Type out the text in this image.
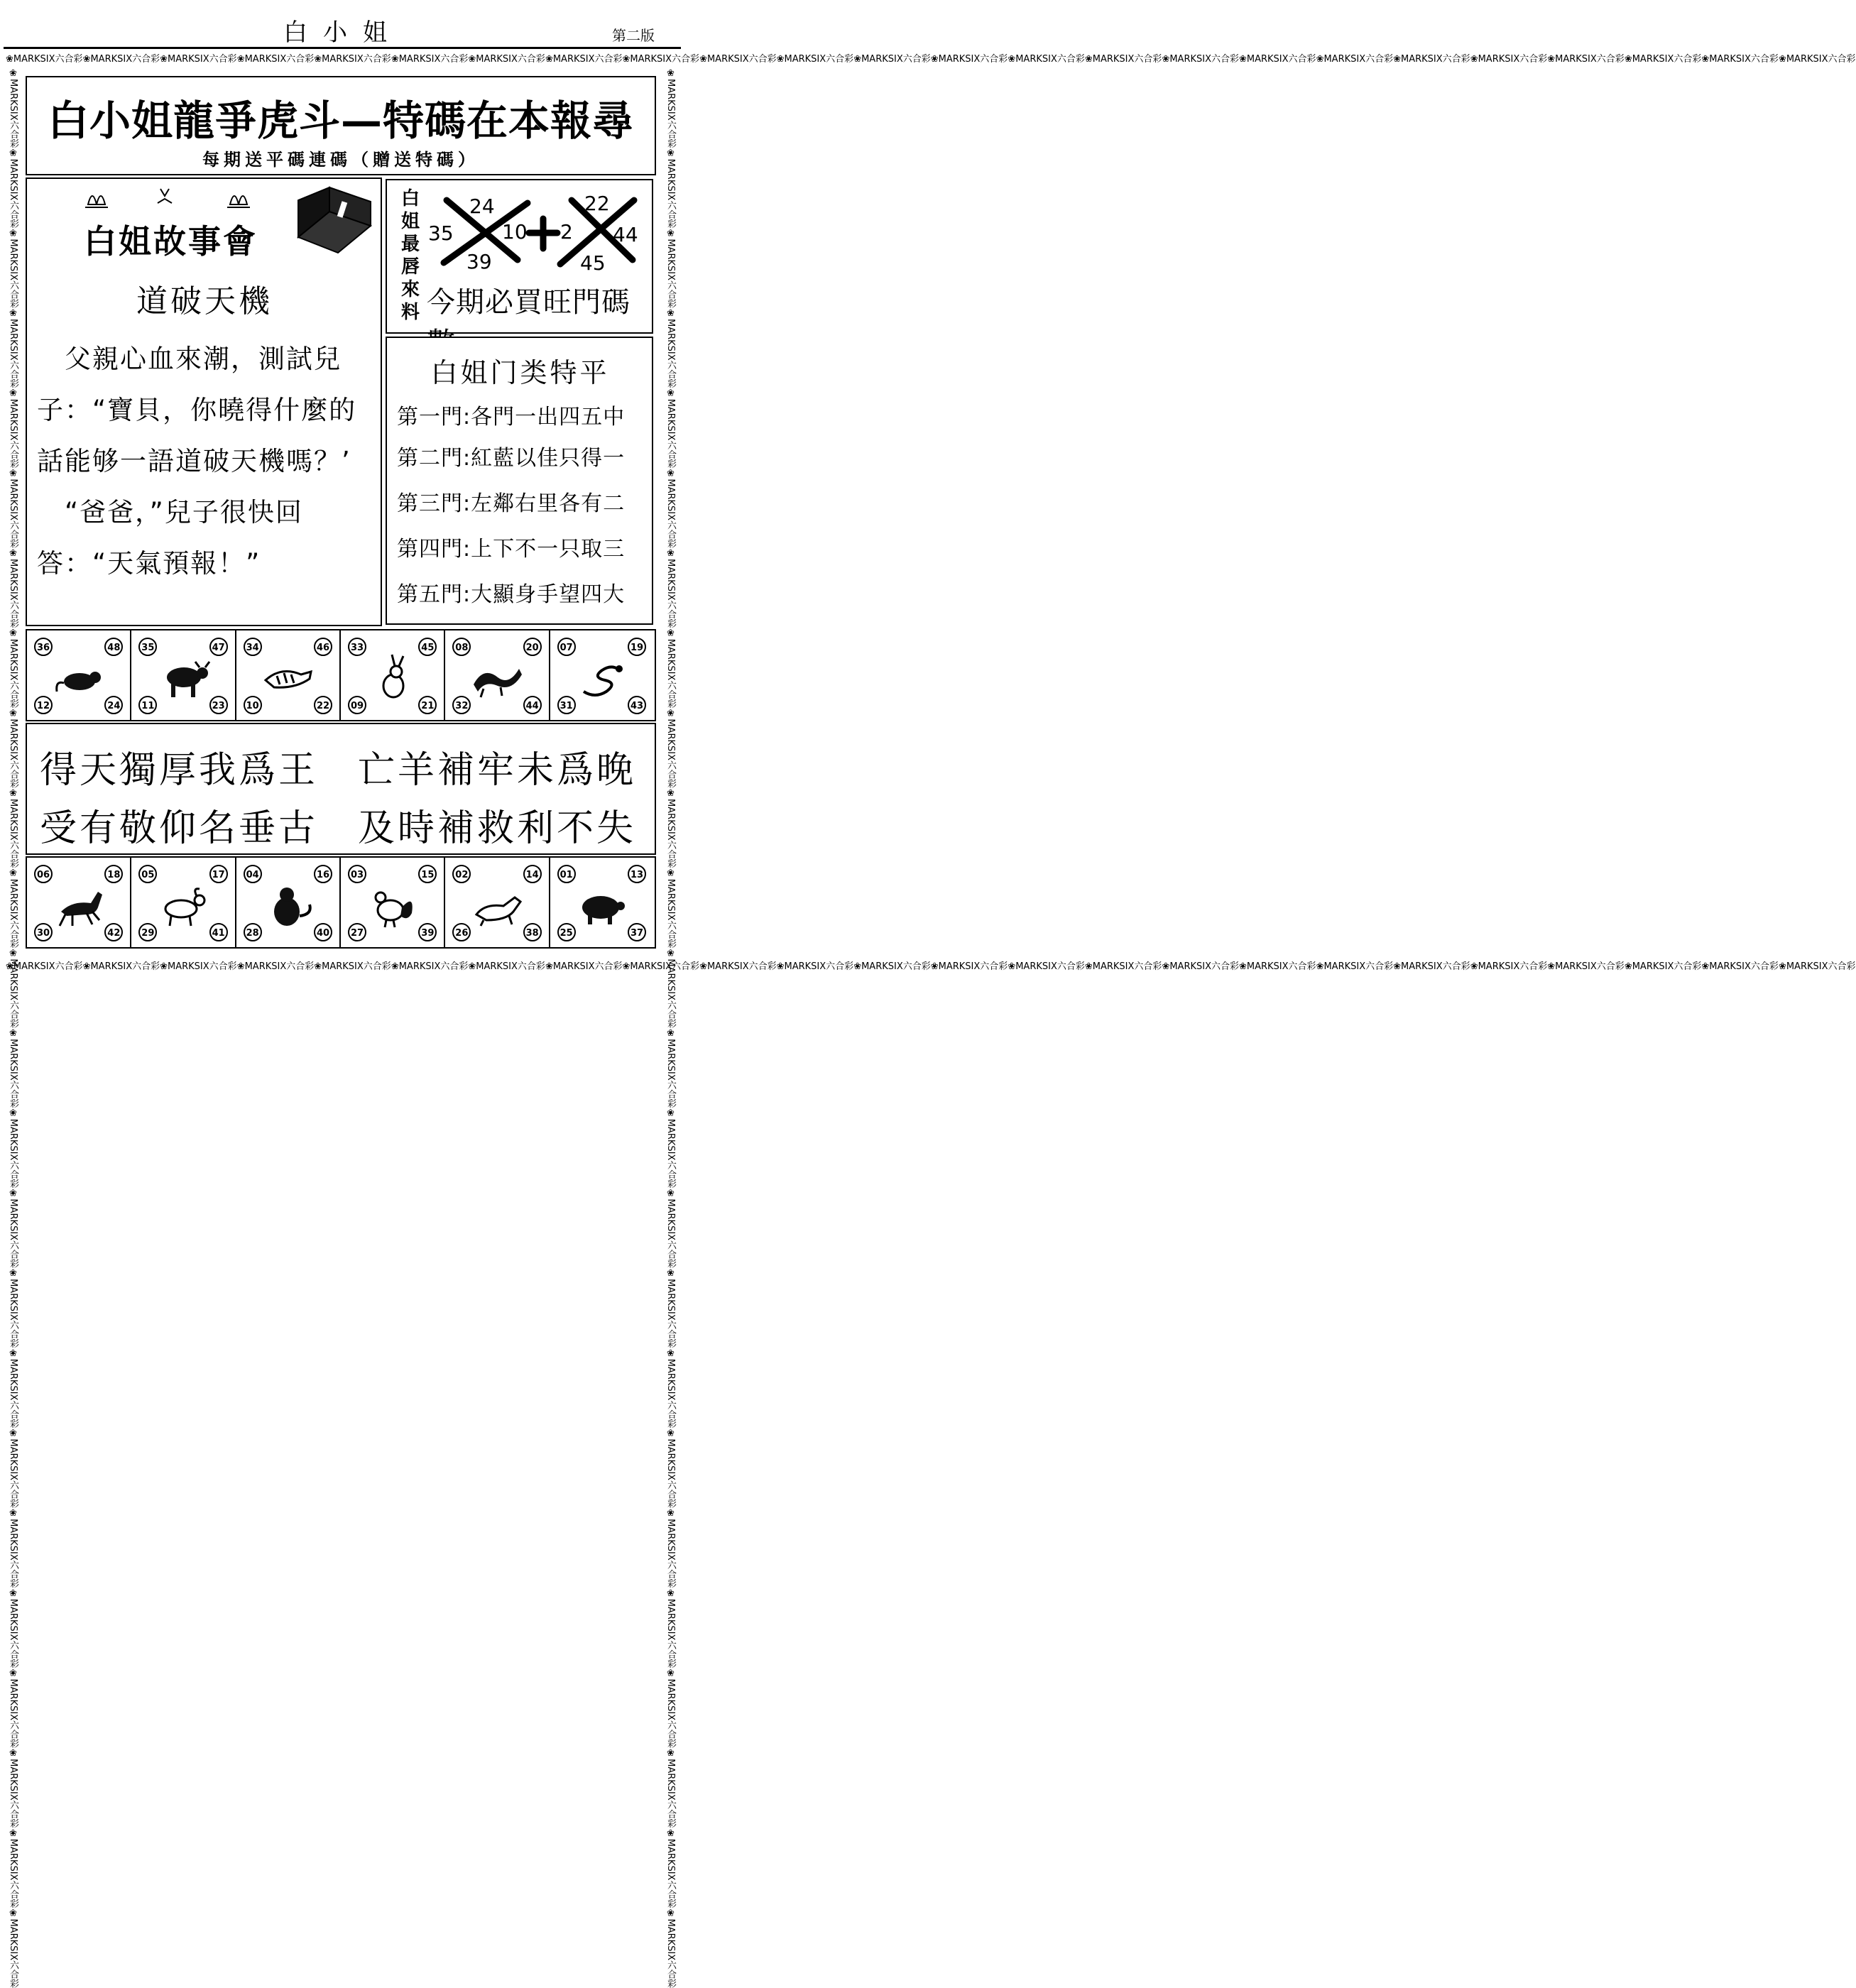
白小姐	第二版
❀MARKSIX六合彩❀MARKSIX六合彩❀MARKSIX六合彩❀MARKSIX六合彩❀MARKSIX六合彩❀MARKSIX六合彩❀MARKSIX六合彩❀MARKSIX六合彩❀MARKSIX六合彩❀MARKSIX六合彩❀MARKSIX六合彩❀MARKSIX六合彩❀MARKSIX六合彩❀MARKSIX六合彩❀MARKSIX六合彩❀MARKSIX六合彩❀MARKSIX六合彩❀MARKSIX六合彩❀MARKSIX六合彩❀MARKSIX六合彩❀MARKSIX六合彩❀MARKSIX六合彩❀MARKSIX六合彩❀MARKSIX六合彩
❀MARKSIX六合彩❀MARKSIX六合彩❀MARKSIX六合彩❀MARKSIX六合彩❀MARKSIX六合彩❀MARKSIX六合彩❀MARKSIX六合彩❀MARKSIX六合彩❀MARKSIX六合彩❀MARKSIX六合彩❀MARKSIX六合彩❀MARKSIX六合彩❀MARKSIX六合彩❀MARKSIX六合彩❀MARKSIX六合彩❀MARKSIX六合彩❀MARKSIX六合彩❀MARKSIX六合彩❀MARKSIX六合彩❀MARKSIX六合彩❀MARKSIX六合彩❀MARKSIX六合彩❀MARKSIX六合彩❀MARKSIX六合彩
❀MARKSIX六合彩❀MARKSIX六合彩❀MARKSIX六合彩❀MARKSIX六合彩❀MARKSIX六合彩❀MARKSIX六合彩❀MARKSIX六合彩❀MARKSIX六合彩❀MARKSIX六合彩❀MARKSIX六合彩❀MARKSIX六合彩❀MARKSIX六合彩❀MARKSIX六合彩❀MARKSIX六合彩❀MARKSIX六合彩❀MARKSIX六合彩❀MARKSIX六合彩❀MARKSIX六合彩❀MARKSIX六合彩❀MARKSIX六合彩❀MARKSIX六合彩❀MARKSIX六合彩❀MARKSIX六合彩❀MARKSIX六合彩
❀MARKSIX六合彩❀MARKSIX六合彩❀MARKSIX六合彩❀MARKSIX六合彩❀MARKSIX六合彩❀MARKSIX六合彩❀MARKSIX六合彩❀MARKSIX六合彩❀MARKSIX六合彩❀MARKSIX六合彩❀MARKSIX六合彩❀MARKSIX六合彩❀MARKSIX六合彩❀MARKSIX六合彩❀MARKSIX六合彩❀MARKSIX六合彩❀MARKSIX六合彩❀MARKSIX六合彩❀MARKSIX六合彩❀MARKSIX六合彩❀MARKSIX六合彩❀MARKSIX六合彩❀MARKSIX六合彩❀MARKSIX六合彩
白小姐龍爭虎斗—特碼在本報尋
每期送平碼連碼（贈送特碼）
白姐故事會
道破天機

　父親心血來潮，測試兒子：“寶貝，你曉得什麼的話能够一語道破天機嗎？’

　“爸爸，”兒子很快回答：“天氣預報！”

白姐最唇來料
35
24
39
10 2
22
45
44
今期必買旺門碼
白姐门类特平
第一門:各門一出四五中
第二門:紅藍以佳只得一
第三門:左鄰右里各有二
第四門:上下不一只取三
第五門:大顯身手望四大
36	48
12	24
35	47
11	23
34	46
10	22
33	45
09	21
08	20
32	44
07	19
31	43
得天獨厚我爲王 亡羊補牢未爲晚
受有敬仰名垂古 及時補救利不失
06	18
30	42
05	17
29	41
04	16
28	40
03	15
27	39
02	14
26	38
01	13
25	37
